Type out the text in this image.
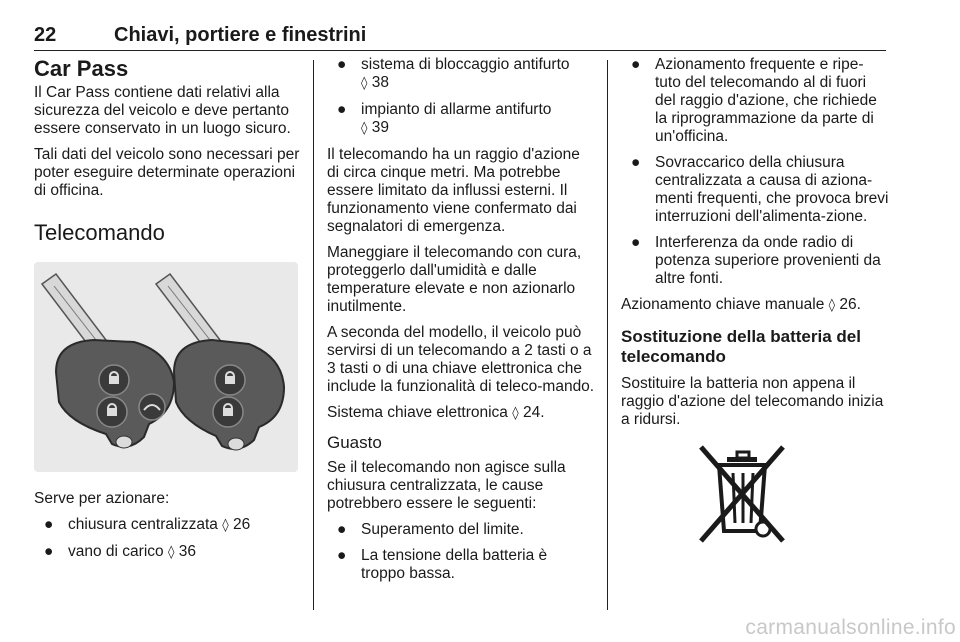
22	Chiavi, portiere e finestrini
Car Pass

Il Car Pass contiene dati relativi alla sicurezza del veicolo e deve pertanto essere conservato in un luogo sicuro.

Tali dati del veicolo sono necessari per poter eseguire determinate operazioni di officina.

Telecomando

Serve per azionare:

● chiusura centralizzata ◊ 26
● vano di carico ◊ 36
● sistema di bloccaggio antifurto
◊ 38
● impianto di allarme antifurto
◊ 39

Il telecomando ha un raggio d'azione di circa cinque metri. Ma potrebbe essere limitato da influssi esterni. Il funzionamento viene confermato dai segnalatori di emergenza.

Maneggiare il telecomando con cura, proteggerlo dall'umidità e dalle temperature elevate e non azionarlo inutilmente.

A seconda del modello, il veicolo può servirsi di un telecomando a 2 tasti o a 3 tasti o di una chiave elettronica che include la funzionalità di teleco-mando.

Sistema chiave elettronica ◊ 24.

Guasto

Se il telecomando non agisce sulla chiusura centralizzata, le cause potrebbero essere le seguenti:

● Superamento del limite.
● La tensione della batteria è troppo bassa.
● Azionamento frequente e ripe-tuto del telecomando al di fuori del raggio d'azione, che richiede la riprogrammazione da parte di un'officina.
● Sovraccarico della chiusura centralizzata a causa di aziona-menti frequenti, che provoca brevi interruzioni dell'alimenta-zione.
● Interferenza da onde radio di potenza superiore provenienti da altre fonti.

Azionamento chiave manuale ◊ 26.

Sostituzione della batteria del telecomando

Sostituire la batteria non appena il raggio d'azione del telecomando inizia a ridursi.

carmanualsonline.info
